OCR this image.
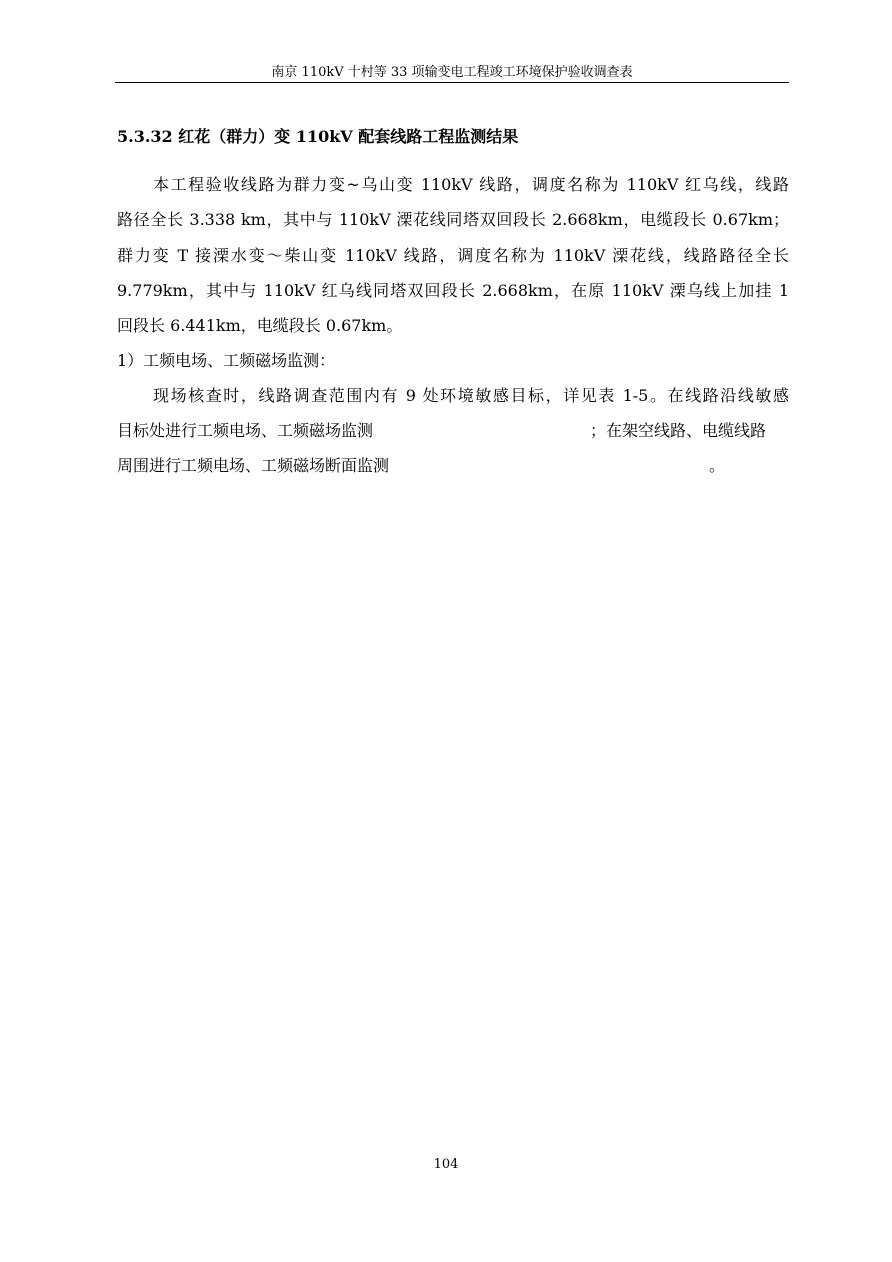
南京 110kV 十村等 33 项输变电工程竣工环境保护验收调查表
5.3.32 红花（群力）变 110kV 配套线路工程监测结果
本工程验收线路为群力变~乌山变 110kV 线路，调度名称为 110kV 红乌线，线路
路径全长 3.338 km，其中与 110kV 溧花线同塔双回段长 2.668km，电缆段长 0.67km；
群力变 T 接溧水变～柴山变 110kV 线路，调度名称为 110kV 溧花线，线路路径全长
9.779km，其中与 110kV 红乌线同塔双回段长 2.668km，在原 110kV 溧乌线上加挂 1
回段长 6.441km，电缆段长 0.67km。
1）工频电场、工频磁场监测：
现场核查时，线路调查范围内有 9 处环境敏感目标，详见表 1-5。在线路沿线敏感
目标处进行工频电场、工频磁场监测	；在架空线路、电缆线路
周围进行工频电场、工频磁场断面监测	。
104
